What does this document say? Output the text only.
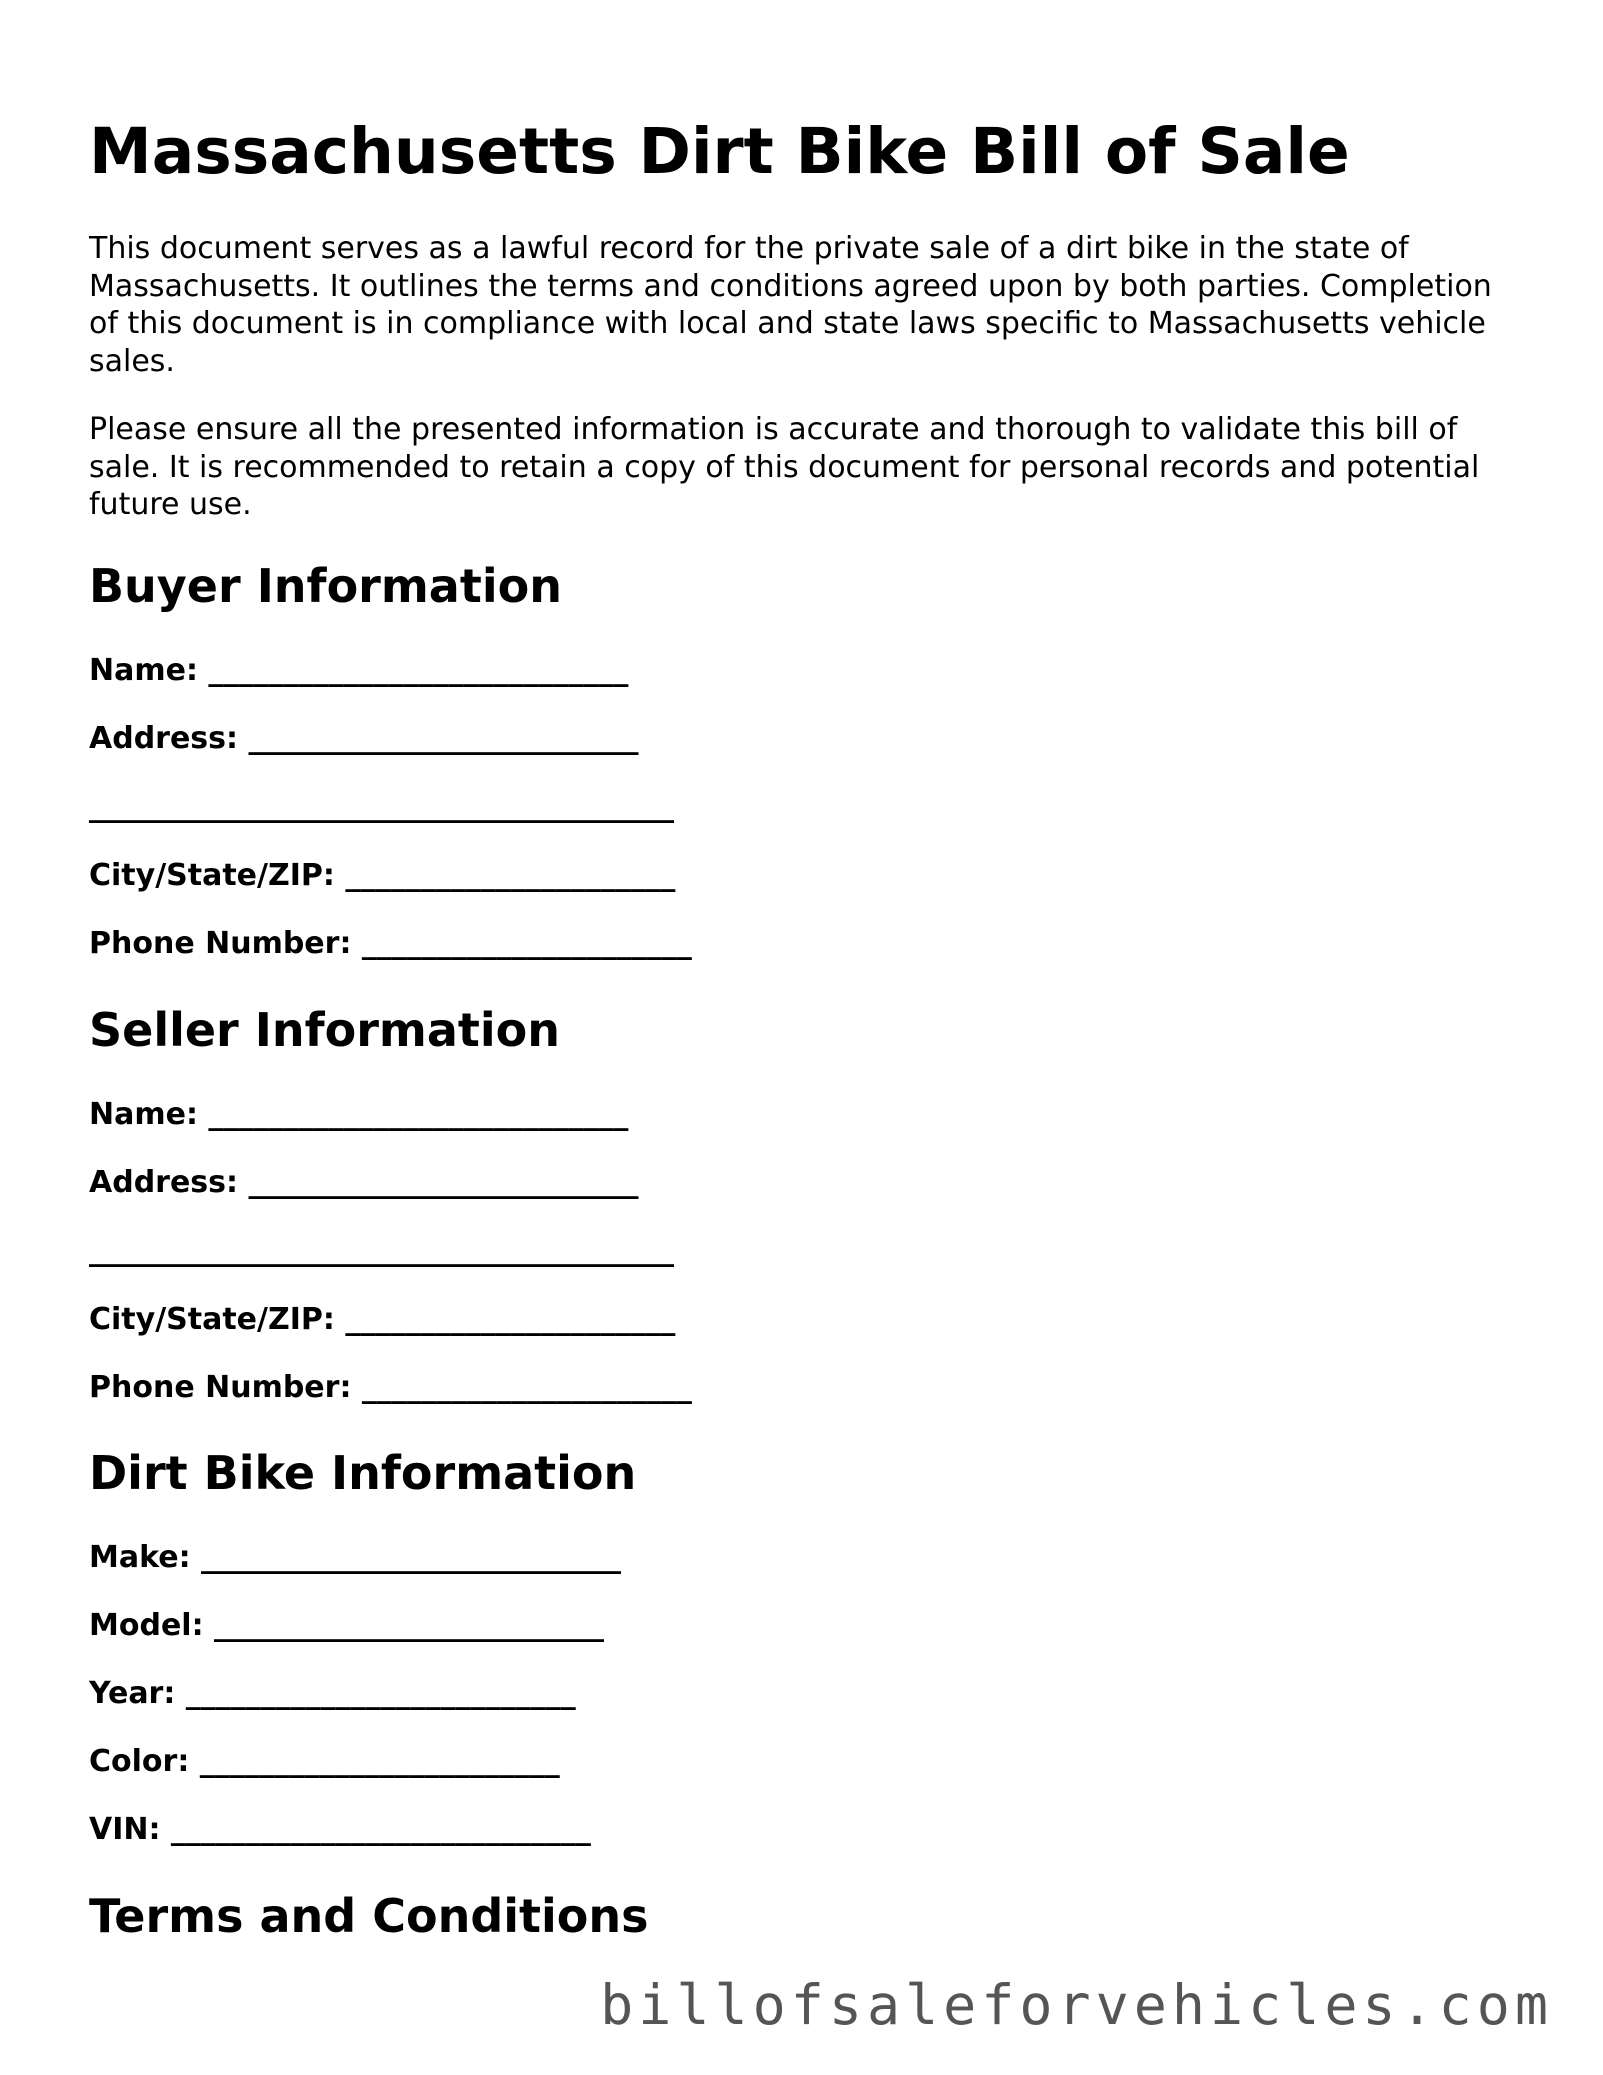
Massachusetts Dirt Bike Bill of Sale

This document serves as a lawful record for the private sale of a dirt bike in the state of Massachusetts. It outlines the terms and conditions agreed upon by both parties. Completion of this document is in compliance with local and state laws specific to Massachusetts vehicle sales.

Please ensure all the presented information is accurate and thorough to validate this bill of sale. It is recommended to retain a copy of this document for personal records and potential future use.

Buyer Information
Name: ____________________________
Address: __________________________
_______________________________________
City/State/ZIP: ______________________
Phone Number: ______________________
Seller Information
Name: ____________________________
Address: __________________________
_______________________________________
City/State/ZIP: ______________________
Phone Number: ______________________
Dirt Bike Information
Make: ____________________________
Model: __________________________
Year: __________________________
Color: ________________________
VIN: ____________________________
Terms and Conditions
billofsaleforvehicles.com
